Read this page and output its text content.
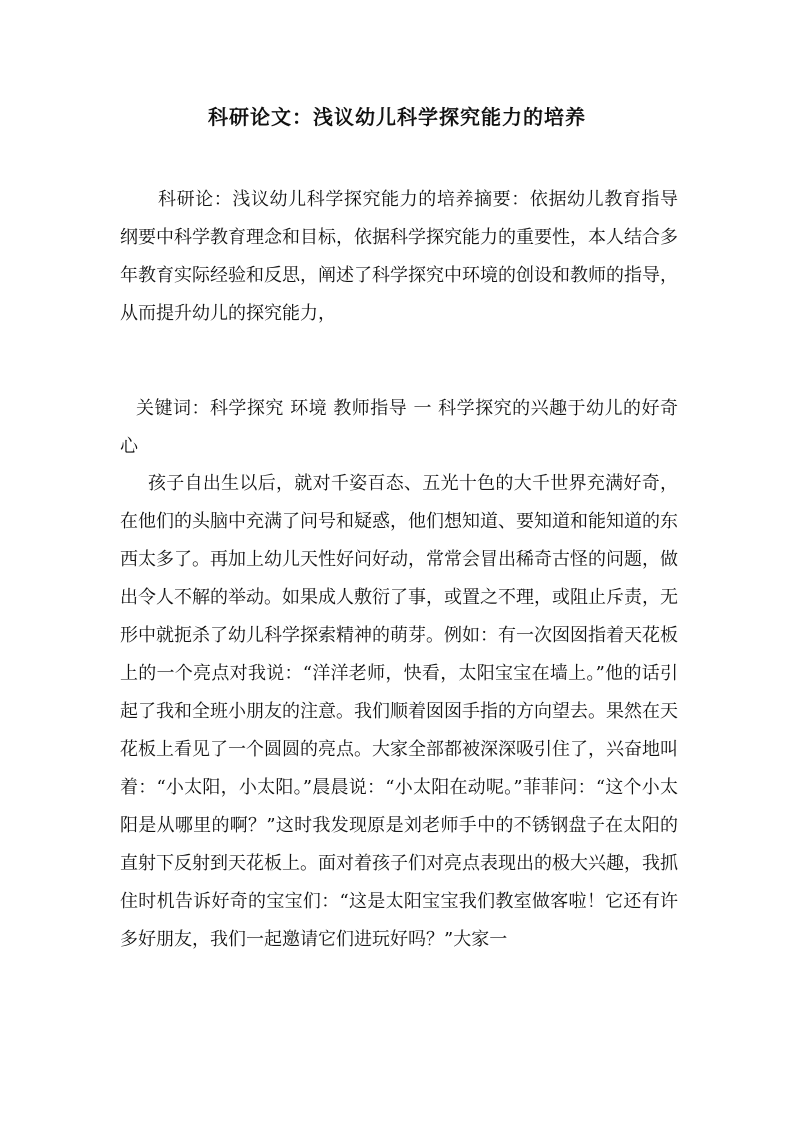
科研论文：浅议幼儿科学探究能力的培养
科研论：浅议幼儿科学探究能力的培养摘要：依据幼儿教育指导纲要中科学教育理念和目标，依据科学探究能力的重要性，本人结合多年教育实际经验和反思，阐述了科学探究中环境的创设和教师的指导，从而提升幼儿的探究能力，
关键词：科学探究 环境 教师指导 一 科学探究的兴趣于幼儿的好奇心
孩子自出生以后，就对千姿百态、五光十色的大千世界充满好奇，在他们的头脑中充满了问号和疑惑，他们想知道、要知道和能知道的东西太多了。再加上幼儿天性好问好动，常常会冒出稀奇古怪的问题，做出令人不解的举动。如果成人敷衍了事，或置之不理，或阻止斥责，无形中就扼杀了幼儿科学探索精神的萌芽。例如：有一次囡囡指着天花板上的一个亮点对我说：“洋洋老师，快看，太阳宝宝在墙上。”他的话引起了我和全班小朋友的注意。我们顺着囡囡手指的方向望去。果然在天花板上看见了一个圆圆的亮点。大家全部都被深深吸引住了，兴奋地叫着：“小太阳，小太阳。”晨晨说：“小太阳在动呢。”菲菲问：“这个小太阳是从哪里的啊？”这时我发现原是刘老师手中的不锈钢盘子在太阳的直射下反射到天花板上。面对着孩子们对亮点表现出的极大兴趣，我抓住时机告诉好奇的宝宝们：“这是太阳宝宝我们教室做客啦！它还有许多好朋友，我们一起邀请它们进玩好吗？”大家一
